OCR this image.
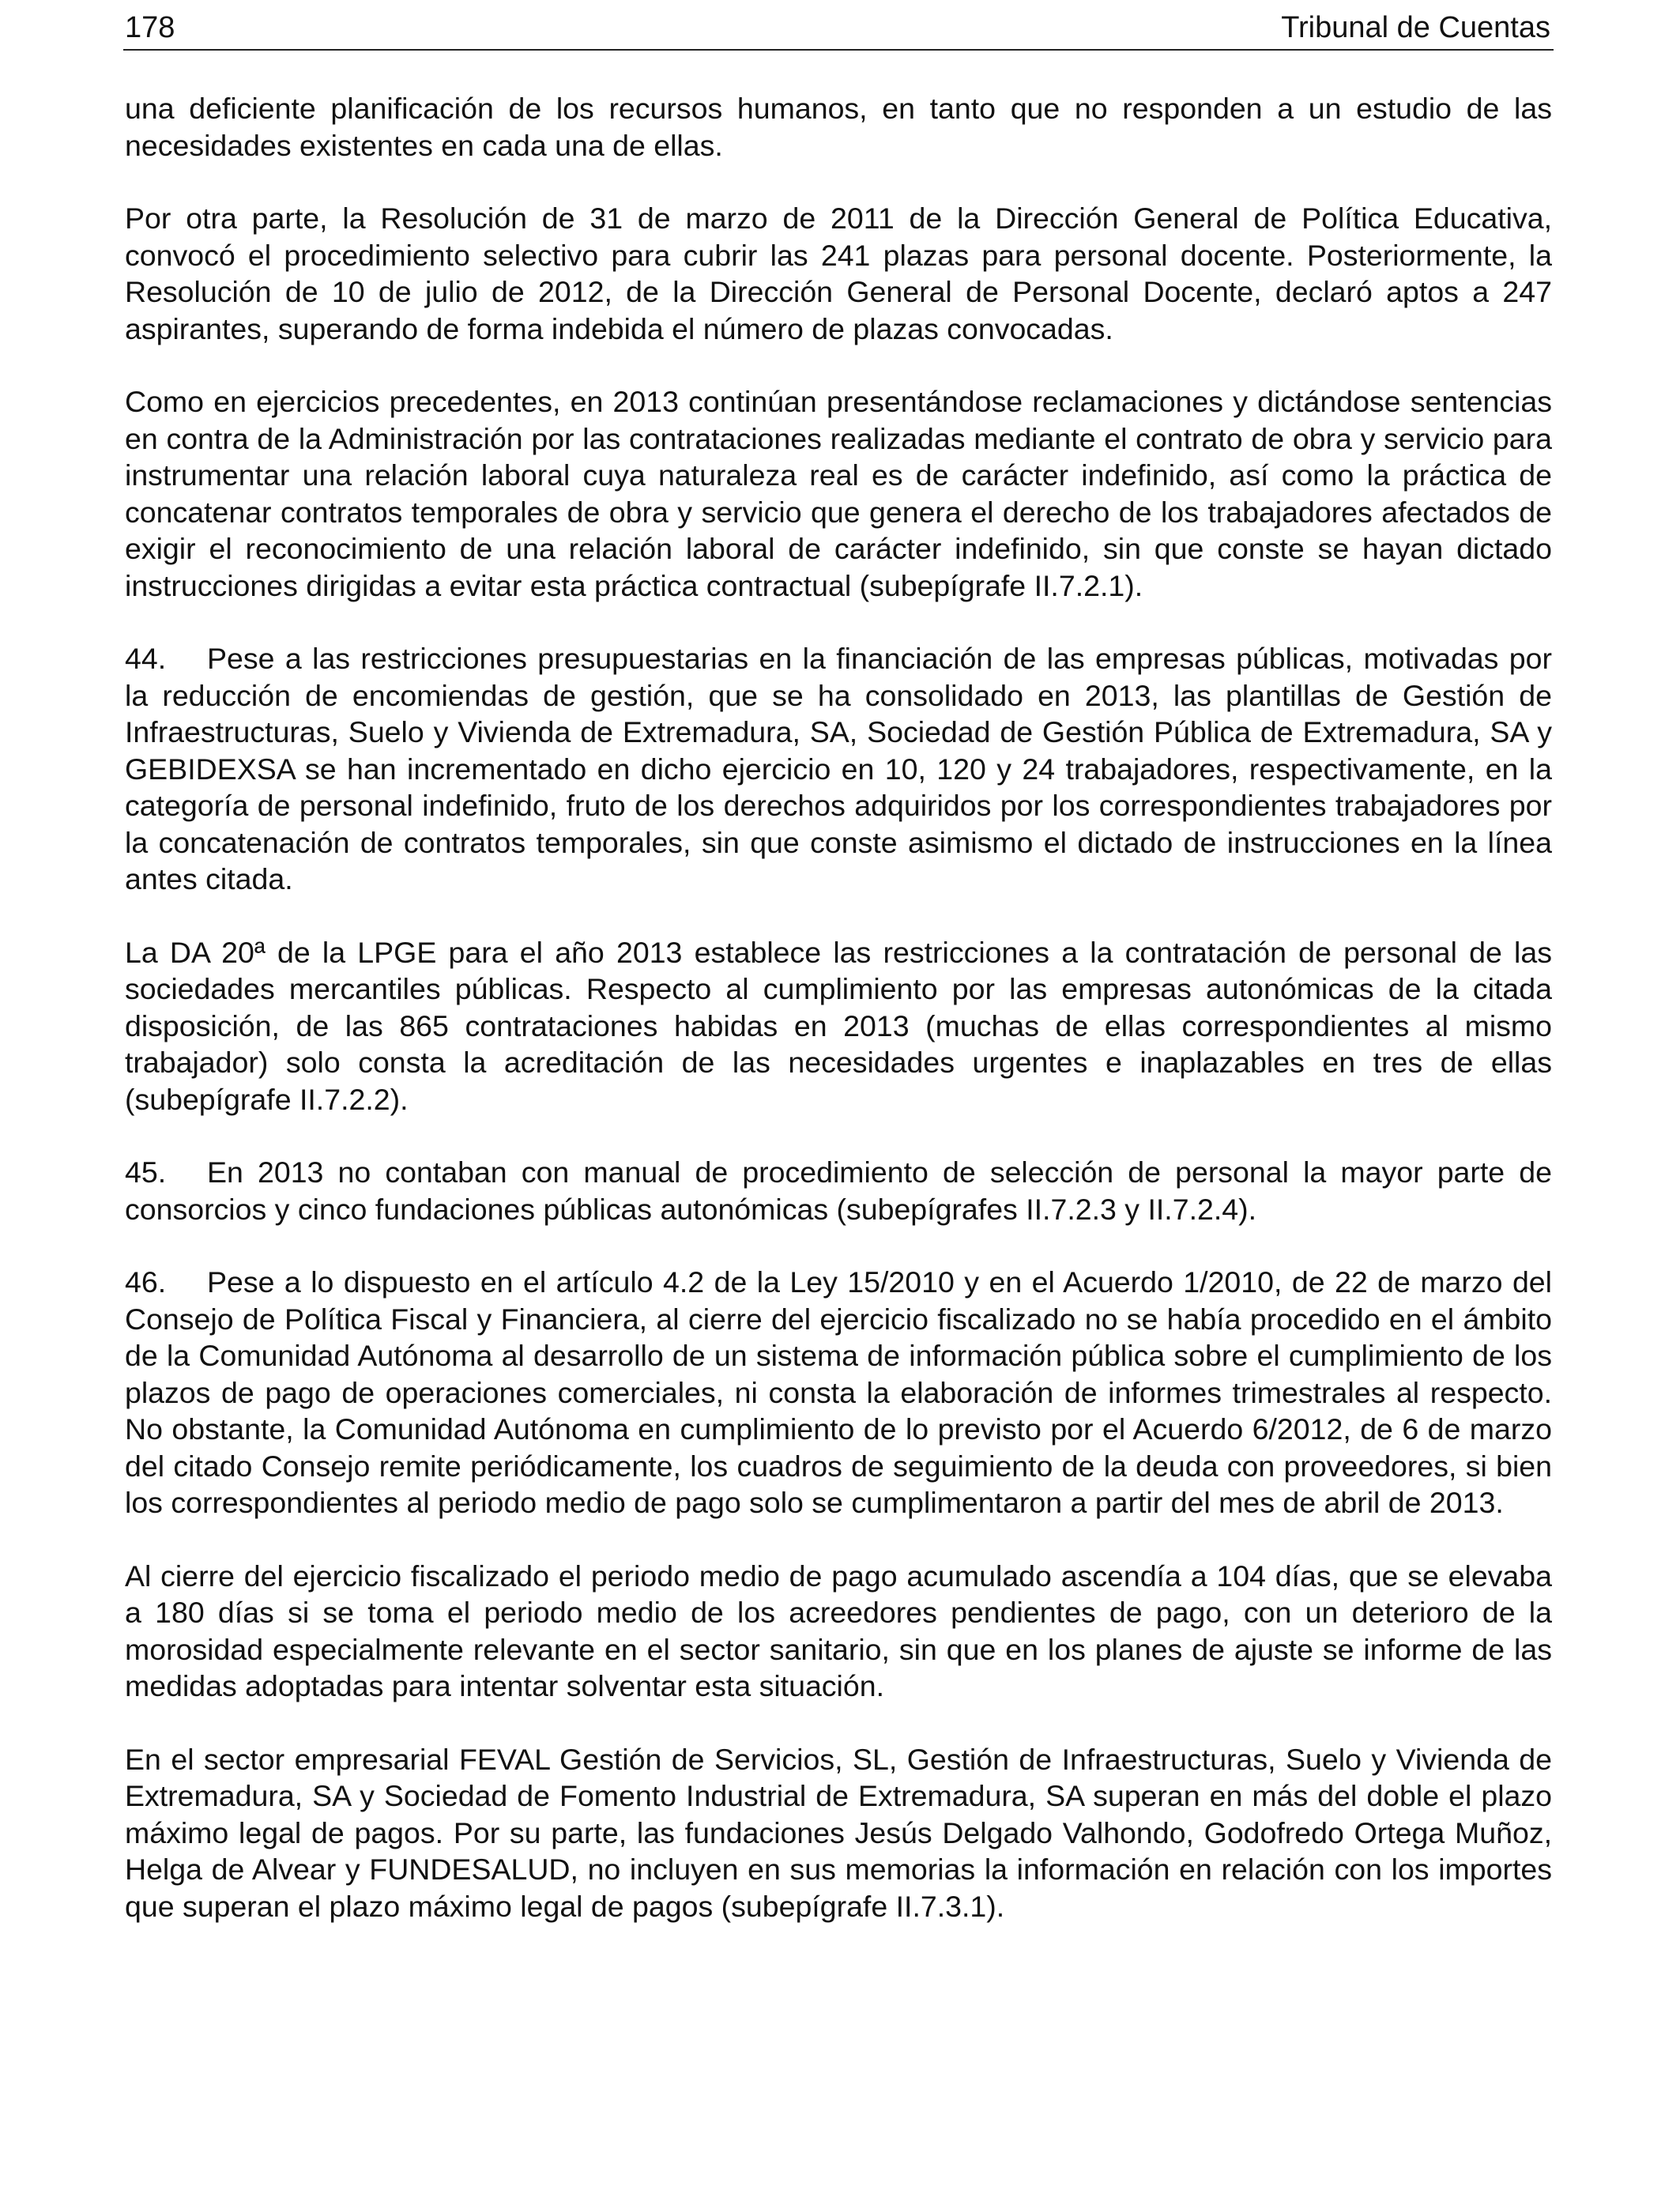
178	Tribunal de Cuentas

una deficiente planificación de los recursos humanos, en tanto que no responden a un estudio de las necesidades existentes en cada una de ellas.

Por otra parte, la Resolución de 31 de marzo de 2011 de la Dirección General de Política Educativa, convocó el procedimiento selectivo para cubrir las 241 plazas para personal docente. Posteriormente, la Resolución de 10 de julio de 2012, de la Dirección General de Personal Docente, declaró aptos a 247 aspirantes, superando de forma indebida el número de plazas convocadas.

Como en ejercicios precedentes, en 2013 continúan presentándose reclamaciones y dictándose sentencias en contra de la Administración por las contrataciones realizadas mediante el contrato de obra y servicio para instrumentar una relación laboral cuya naturaleza real es de carácter indefinido, así como la práctica de concatenar contratos temporales de obra y servicio que genera el derecho de los trabajadores afectados de exigir el reconocimiento de una relación laboral de carácter indefinido, sin que conste se hayan dictado instrucciones dirigidas a evitar esta práctica contractual (subepígrafe II.7.2.1).

44. Pese a las restricciones presupuestarias en la financiación de las empresas públicas, motivadas por la reducción de encomiendas de gestión, que se ha consolidado en 2013, las plantillas de Gestión de Infraestructuras, Suelo y Vivienda de Extremadura, SA, Sociedad de Gestión Pública de Extremadura, SA y GEBIDEXSA se han incrementado en dicho ejercicio en 10, 120 y 24 trabajadores, respectivamente, en la categoría de personal indefinido, fruto de los derechos adquiridos por los correspondientes trabajadores por la concatenación de contratos temporales, sin que conste asimismo el dictado de instrucciones en la línea antes citada.

La DA 20ª de la LPGE para el año 2013 establece las restricciones a la contratación de personal de las sociedades mercantiles públicas. Respecto al cumplimiento por las empresas autonómicas de la citada disposición, de las 865 contrataciones habidas en 2013 (muchas de ellas correspondientes al mismo trabajador) solo consta la acreditación de las necesidades urgentes e inaplazables en tres de ellas (subepígrafe II.7.2.2).

45. En 2013 no contaban con manual de procedimiento de selección de personal la mayor parte de consorcios y cinco fundaciones públicas autonómicas (subepígrafes II.7.2.3 y II.7.2.4).

46. Pese a lo dispuesto en el artículo 4.2 de la Ley 15/2010 y en el Acuerdo 1/2010, de 22 de marzo del Consejo de Política Fiscal y Financiera, al cierre del ejercicio fiscalizado no se había procedido en el ámbito de la Comunidad Autónoma al desarrollo de un sistema de información pública sobre el cumplimiento de los plazos de pago de operaciones comerciales, ni consta la elaboración de informes trimestrales al respecto. No obstante, la Comunidad Autónoma en cumplimiento de lo previsto por el Acuerdo 6/2012, de 6 de marzo del citado Consejo remite periódicamente, los cuadros de seguimiento de la deuda con proveedores, si bien los correspondientes al periodo medio de pago solo se cumplimentaron a partir del mes de abril de 2013.

Al cierre del ejercicio fiscalizado el periodo medio de pago acumulado ascendía a 104 días, que se elevaba a 180 días si se toma el periodo medio de los acreedores pendientes de pago, con un deterioro de la morosidad especialmente relevante en el sector sanitario, sin que en los planes de ajuste se informe de las medidas adoptadas para intentar solventar esta situación.

En el sector empresarial FEVAL Gestión de Servicios, SL, Gestión de Infraestructuras, Suelo y Vivienda de Extremadura, SA y Sociedad de Fomento Industrial de Extremadura, SA superan en más del doble el plazo máximo legal de pagos. Por su parte, las fundaciones Jesús Delgado Valhondo, Godofredo Ortega Muñoz, Helga de Alvear y FUNDESALUD, no incluyen en sus memorias la información en relación con los importes que superan el plazo máximo legal de pagos (subepígrafe II.7.3.1).
